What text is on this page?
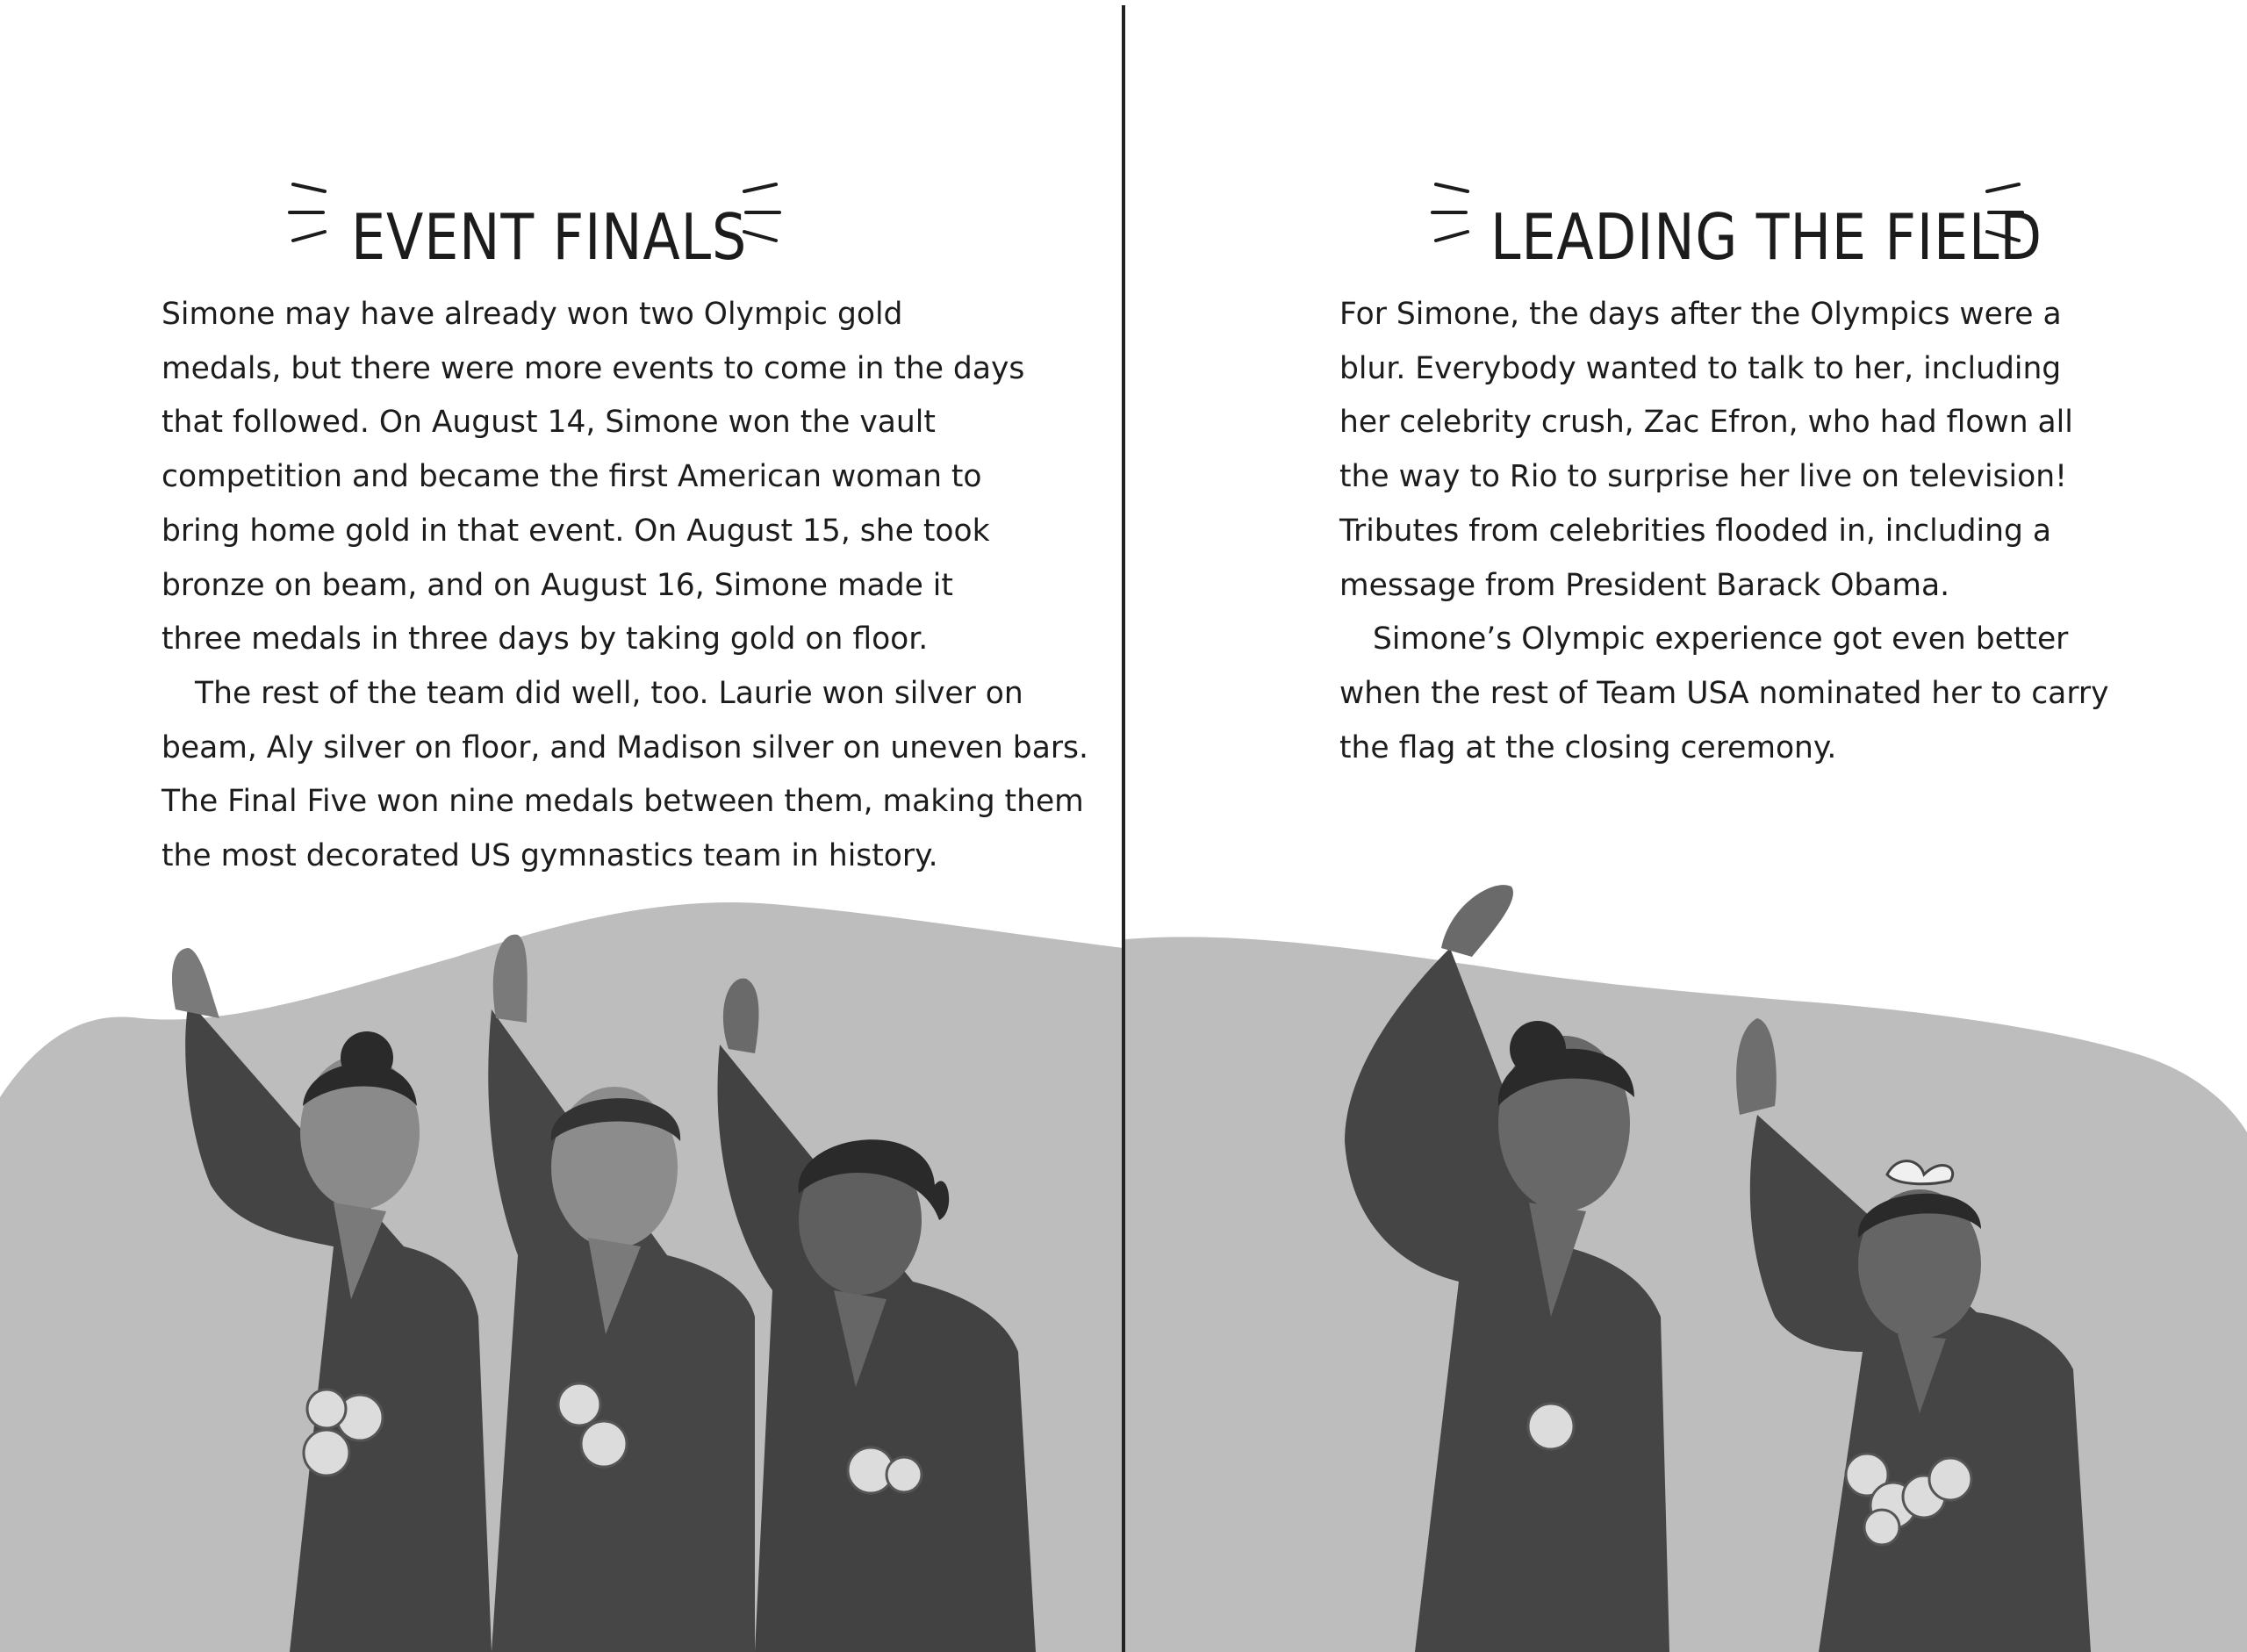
EVENT FINALS

Simone may have already won two Olympic gold
medals, but there were more events to come in the days
that followed. On August 14, Simone won the vault
competition and became the first American woman to
bring home gold in that event. On August 15, she took
bronze on beam, and on August 16, Simone made it
three medals in three days by taking gold on floor.

The rest of the team did well, too. Laurie won silver on
beam, Aly silver on floor, and Madison silver on uneven bars.
The Final Five won nine medals between them, making them
the most decorated US gymnastics team in history.

LEADING THE FIELD

For Simone, the days after the Olympics were a
blur. Everybody wanted to talk to her, including
her celebrity crush, Zac Efron, who had flown all
the way to Rio to surprise her live on television!
Tributes from celebrities flooded in, including a
message from President Barack Obama.

Simone’s Olympic experience got even better
when the rest of Team USA nominated her to carry
the flag at the closing ceremony.
